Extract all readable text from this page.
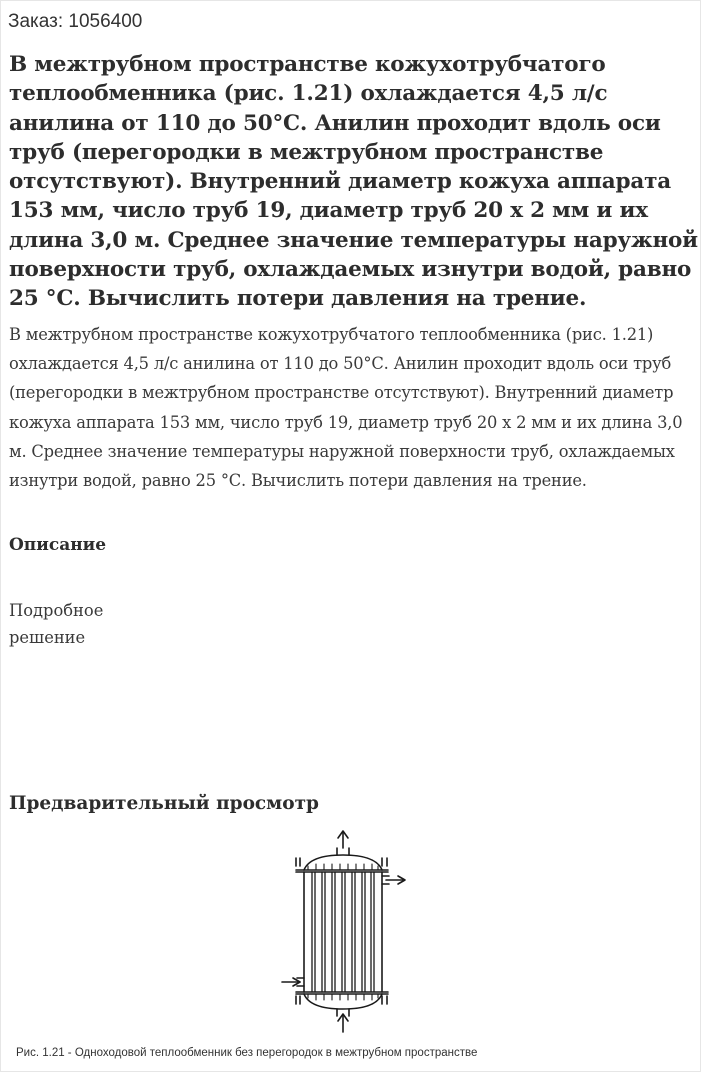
Заказ: 1056400
В межтрубном пространстве кожухотрубчатого теплообменника (рис. 1.21) охлаждается 4,5 л/с анилина от 110 до 50°С. Анилин проходит вдоль оси труб (перегородки в межтрубном пространстве отсутствуют). Внутренний диаметр кожуха аппарата 153 мм, число труб 19, диаметр труб 20 х 2 мм и их длина 3,0 м. Среднее значение температуры наружной поверхности труб, охлаждаемых изнутри водой, равно 25 °С. Вычислить потери давления на трение.

В межтрубном пространстве кожухотрубчатого теплообменника (рис. 1.21) охлаждается 4,5 л/с анилина от 110 до 50°С. Анилин проходит вдоль оси труб (перегородки в межтрубном пространстве отсутствуют). Внутренний диаметр кожуха аппарата 153 мм, число труб 19, диаметр труб 20 х 2 мм и их длина 3,0 м. Среднее значение температуры наружной поверхности труб, охлаждаемых изнутри водой, равно 25 °С. Вычислить потери давления на трение.

Описание

Подробное решение

Предварительный просмотр
Рис. 1.21 - Одноходовой теплообменник без перегородок в межтрубном пространстве
